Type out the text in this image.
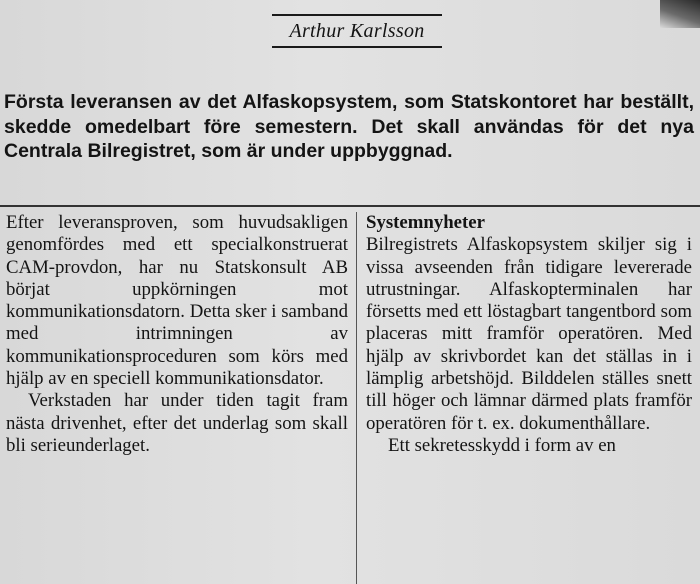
Arthur Karlsson

Första leveransen av det Alfaskopsystem, som Statskontoret har beställt, skedde omedelbart före semestern. Det skall användas för det nya Centrala Bilregistret, som är under uppbyggnad.

Efter leveransproven, som huvudsakligen genomfördes med ett specialkonstruerat CAM-provdon, har nu Statskonsult AB börjat uppkörningen mot kommunikationsdatorn. Detta sker i samband med intrimningen av kommunikationsproceduren som körs med hjälp av en speciell kommunikationsdator.

Verkstaden har under tiden tagit fram nästa drivenhet, efter det underlag som skall bli serieunderlaget.

Systemnyheter

Bilregistrets Alfaskopsystem skiljer sig i vissa avseenden från tidigare levererade utrustningar. Alfaskopterminalen har försetts med ett löstagbart tangentbord som placeras mitt framför operatören. Med hjälp av skrivbordet kan det ställas in i lämplig arbetshöjd. Bilddelen ställes snett till höger och lämnar därmed plats framför operatören för t. ex. dokumenthållare.

Ett sekretesskydd i form av en
